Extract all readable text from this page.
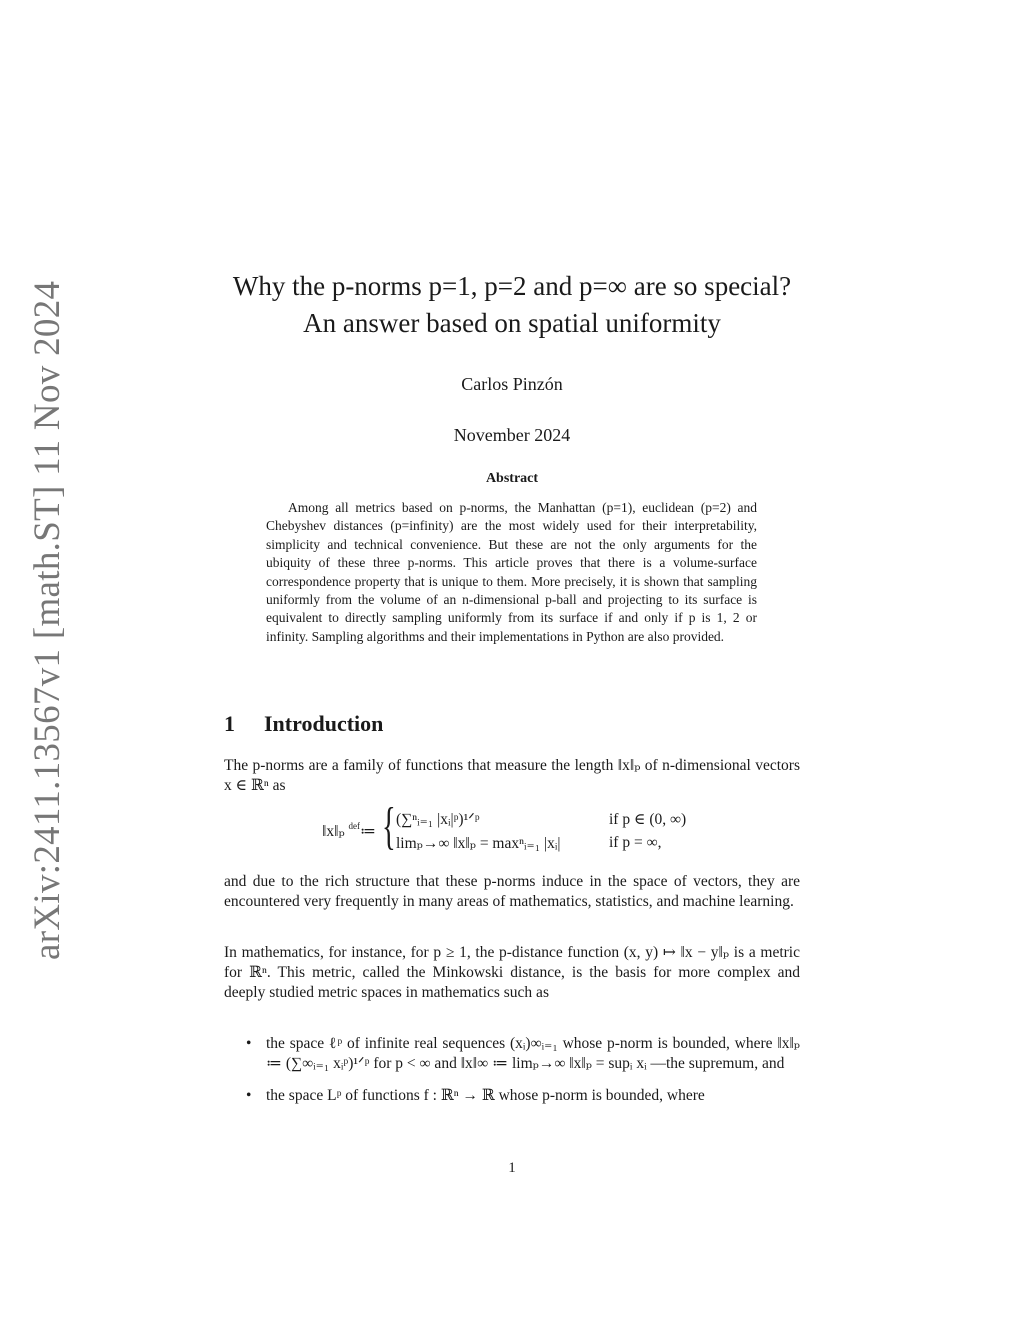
arXiv:2411.13567v1 [math.ST] 11 Nov 2024	Why the p-norms p=1, p=2 and p=∞ are so special? An answer based on spatial uniformity
Carlos Pinzón
November 2024
Abstract
Among all metrics based on p-norms, the Manhattan (p=1), euclidean (p=2) and Chebyshev distances (p=infinity) are the most widely used for their interpretability, simplicity and technical convenience. But these are not the only arguments for the ubiquity of these three p-norms. This article proves that there is a volume-surface correspondence property that is unique to them. More precisely, it is shown that sampling uniformly from the volume of an n-dimensional p-ball and projecting to its surface is equivalent to directly sampling uniformly from its surface if and only if p is 1, 2 or infinity. Sampling algorithms and their implementations in Python are also provided.
1 Introduction
The p-norms are a family of functions that measure the length ‖x‖ₚ of n-dimensional vectors x ∈ ℝⁿ as
‖x‖ₚ $^{def}$≔ { (∑ⁿᵢ₌₁ |xᵢ|ᵖ)¹ᐟᵖ	if p ∈ (0, ∞)
limₚ→∞ ‖x‖ₚ = maxⁿᵢ₌₁ |xᵢ|	if p = ∞,
and due to the rich structure that these p-norms induce in the space of vectors, they are encountered very frequently in many areas of mathematics, statistics, and machine learning.
In mathematics, for instance, for p ≥ 1, the p-distance function (x, y) ↦ ‖x − y‖ₚ is a metric for ℝⁿ. This metric, called the Minkowski distance, is the basis for more complex and deeply studied metric spaces in mathematics such as
• the space ℓᵖ of infinite real sequences (xᵢ)∞ᵢ₌₁ whose p-norm is bounded, where ‖x‖ₚ ≔ (∑∞ᵢ₌₁ xᵢᵖ)¹ᐟᵖ for p < ∞ and ‖x‖∞ ≔ limₚ→∞ ‖x‖ₚ = supᵢ xᵢ —the supremum, and
• the space Lᵖ of functions f : ℝⁿ → ℝ whose p-norm is bounded, where
1
